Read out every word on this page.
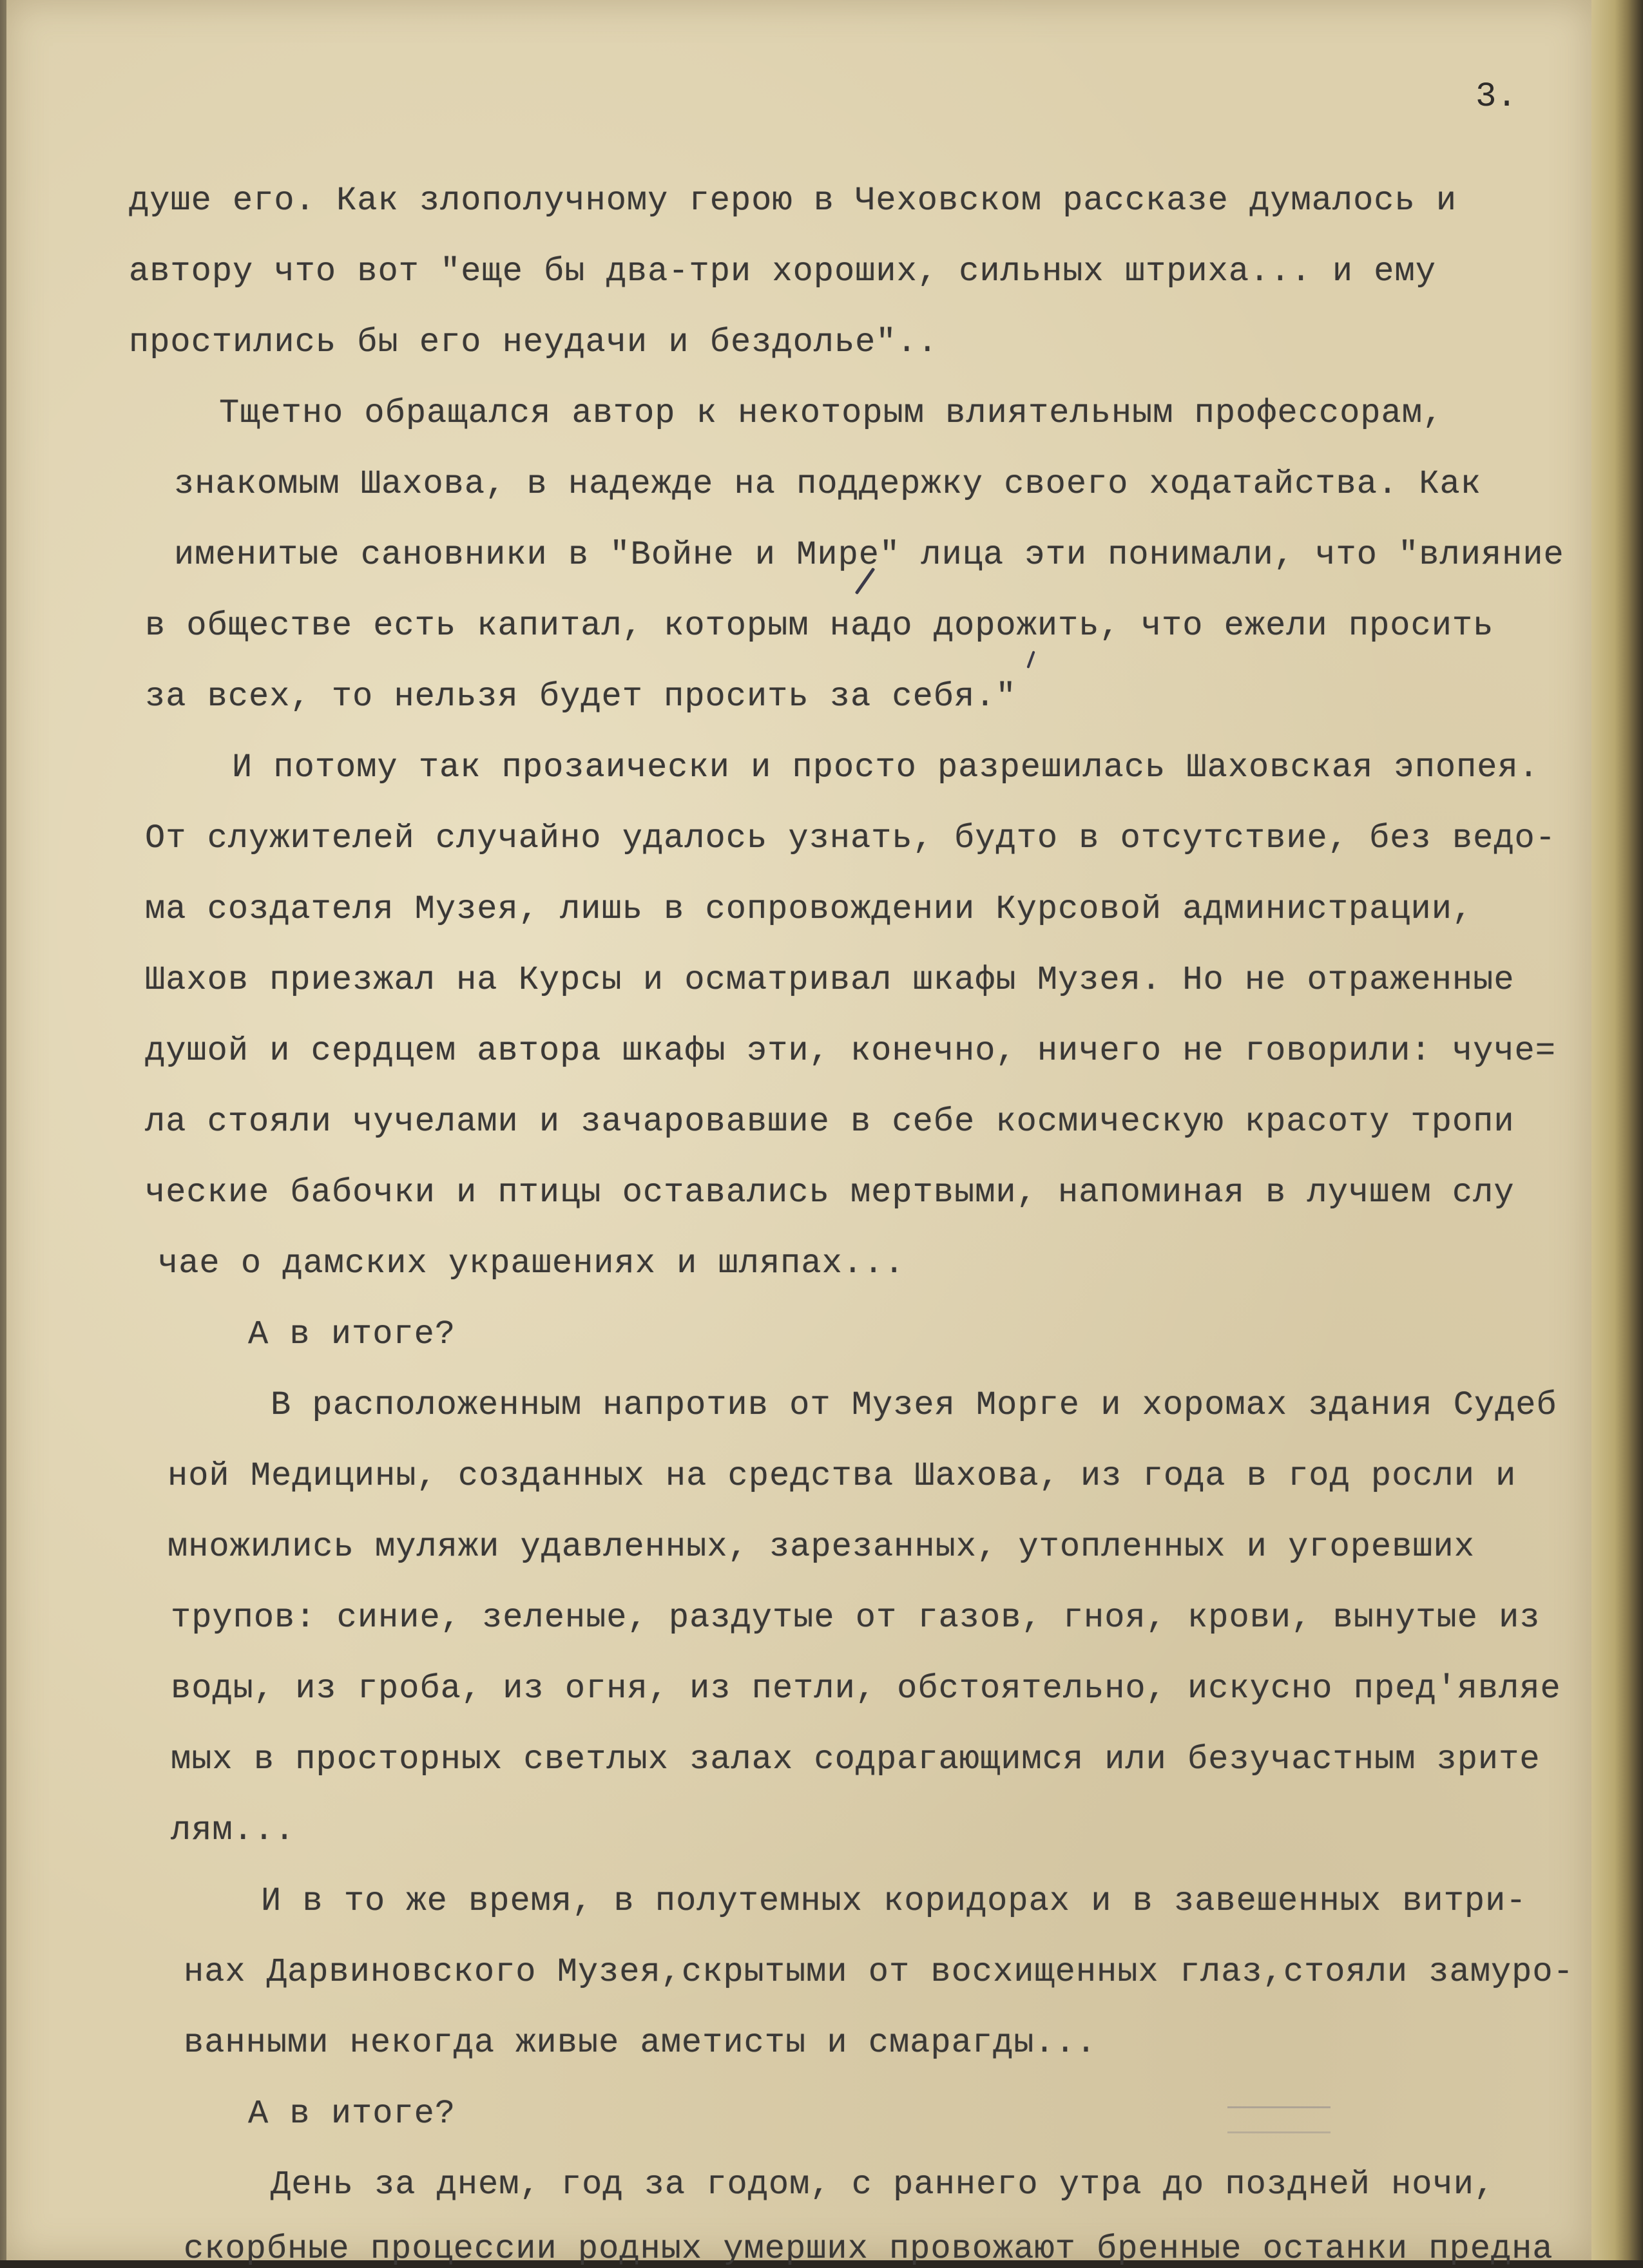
3.
душе его. Как злополучному герою в Чеховском рассказе думалось и
автору что вот "еще бы два-три хороших, сильных штриха... и ему
простились бы его неудачи и бездолье"..
Тщетно обращался автор к некоторым влиятельным профессорам,
знакомым Шахова, в надежде на поддержку своего ходатайства. Как
именитые сановники в "Войне и Мире" лица эти понимали, что "влияние
в обществе есть капитал, которым надо дорожить, что ежели просить
за всех, то нельзя будет просить за себя."
И потому так прозаически и просто разрешилась Шаховская эпопея.
От служителей случайно удалось узнать, будто в отсутствие, без ведо-
ма создателя Музея, лишь в сопровождении Курсовой администрации,
Шахов приезжал на Курсы и осматривал шкафы Музея. Но не отраженные
душой и сердцем автора шкафы эти, конечно, ничего не говорили: чуче=
ла стояли чучелами и зачаровавшие в себе космическую красоту тропи
ческие бабочки и птицы оставались мертвыми, напоминая в лучшем слу
чае о дамских украшениях и шляпах...
А в итоге?
В расположенным напротив от Музея Морге и хоромах здания Судеб
ной Медицины, созданных на средства Шахова, из года в год росли и
множились муляжи удавленных, зарезанных, утопленных и угоревших
трупов: синие, зеленые, раздутые от газов, гноя, крови, вынутые из
воды, из гроба, из огня, из петли, обстоятельно, искусно пред'являе
мых в просторных светлых залах содрагающимся или безучастным зрите
лям...
И в то же время, в полутемных коридорах и в завешенных витри-
нах Дарвиновского Музея,скрытыми от восхищенных глаз,стояли замуро-
ванными некогда живые аметисты и смарагды...
А в итоге?
День за днем, год за годом, с раннего утра до поздней ночи,
скорбные процессии родных умерших провожают бренные останки предна
